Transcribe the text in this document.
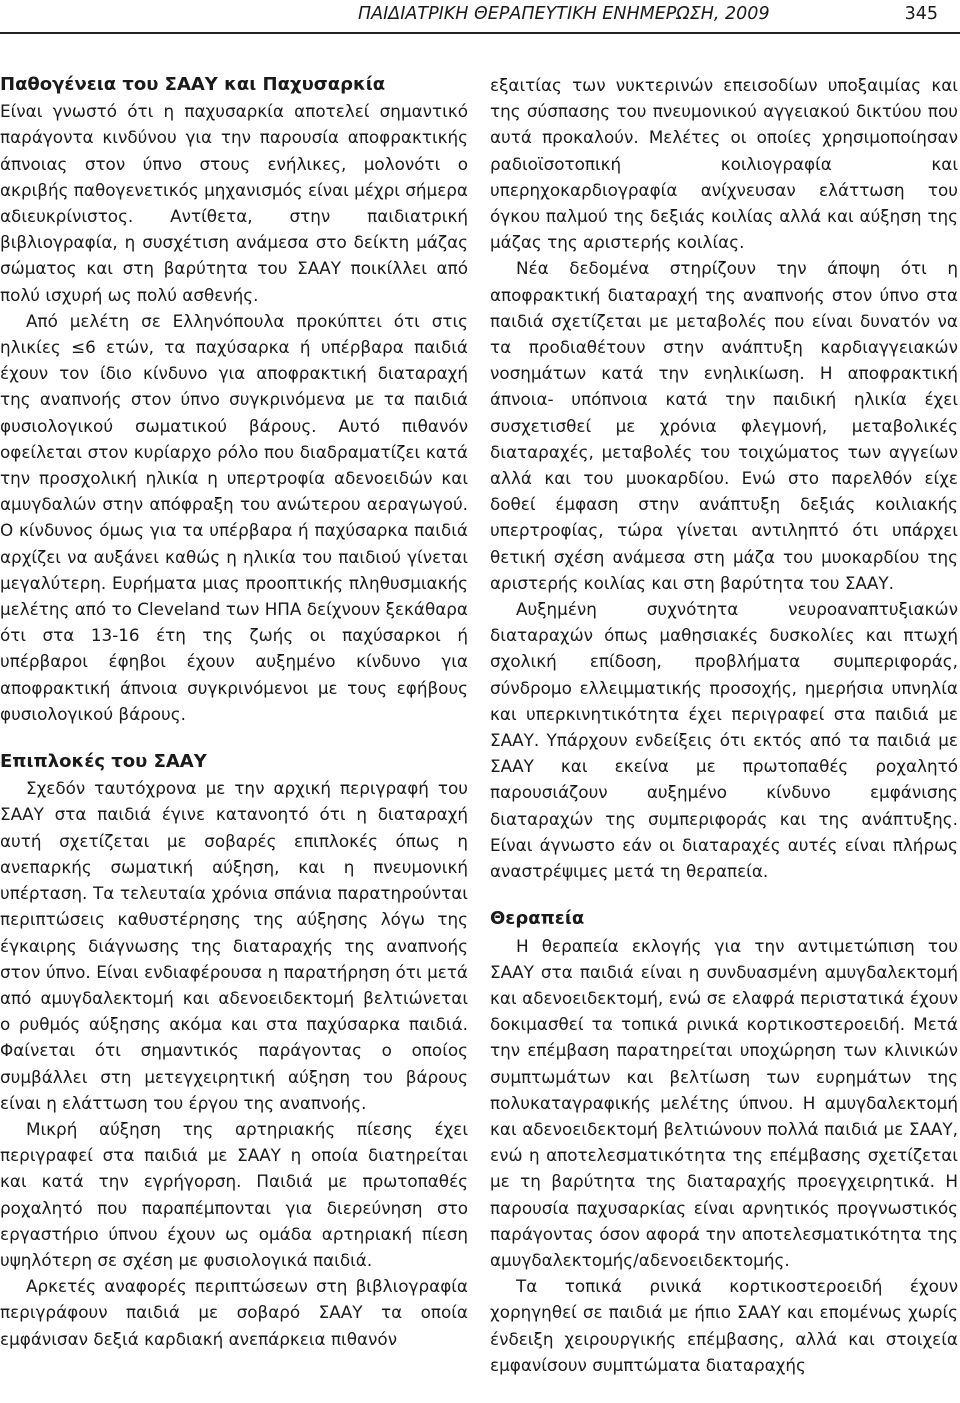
ΠΑΙΔΙΑΤΡΙΚΗ ΘΕΡΑΠΕΥΤΙΚΗ ΕΝΗΜΕΡΩΣΗ, 2009	345
Παθογένεια του ΣΑΑΥ και Παχυσαρκία

Είναι γνωστό ότι η παχυσαρκία αποτελεί σημαντικό παράγοντα κινδύνου για την παρουσία αποφρακτικής άπνοιας στον ύπνο στους ενήλικες, μολονότι ο ακριβής παθογενετικός μηχανισμός είναι μέχρι σήμερα αδιευκρίνιστος. Αντίθετα, στην παιδιατρική βιβλιογραφία, η συσχέτιση ανάμεσα στο δείκτη μάζας σώματος και στη βαρύτητα του ΣΑΑΥ ποικίλλει από πολύ ισχυρή ως πολύ ασθενής.

Από μελέτη σε Ελληνόπουλα προκύπτει ότι στις ηλικίες ≤6 ετών, τα παχύσαρκα ή υπέρβαρα παιδιά έχουν τον ίδιο κίνδυνο για αποφρακτική διαταραχή της αναπνοής στον ύπνο συγκρινόμενα με τα παιδιά φυσιολογικού σωματικού βάρους. Αυτό πιθανόν οφείλεται στον κυρίαρχο ρόλο που διαδραματίζει κατά την προσχολική ηλικία η υπερτροφία αδενοειδών και αμυγδαλών στην απόφραξη του ανώτερου αεραγωγού. Ο κίνδυνος όμως για τα υπέρβαρα ή παχύσαρκα παιδιά αρχίζει να αυξάνει καθώς η ηλικία του παιδιού γίνεται μεγαλύτερη. Ευρήματα μιας προοπτικής πληθυσμιακής μελέτης από το Cleveland των ΗΠΑ δείχνουν ξεκάθαρα ότι στα 13-16 έτη της ζωής οι παχύσαρκοι ή υπέρβαροι έφηβοι έχουν αυξημένο κίνδυνο για αποφρακτική άπνοια συγκρινόμενοι με τους εφήβους φυσιολογικού βάρους.

Επιπλοκές του ΣΑΑΥ

Σχεδόν ταυτόχρονα με την αρχική περιγραφή του ΣΑΑΥ στα παιδιά έγινε κατανοητό ότι η διαταραχή αυτή σχετίζεται με σοβαρές επιπλοκές όπως η ανεπαρκής σωματική αύξηση, και η πνευμονική υπέρταση. Τα τελευταία χρόνια σπάνια παρατηρούνται περιπτώσεις καθυστέρησης της αύξησης λόγω της έγκαιρης διάγνωσης της διαταραχής της αναπνοής στον ύπνο. Είναι ενδιαφέρουσα η παρατήρηση ότι μετά από αμυγδαλεκτομή και αδενοειδεκτομή βελτιώνεται ο ρυθμός αύξησης ακόμα και στα παχύσαρκα παιδιά. Φαίνεται ότι σημαντικός παράγοντας ο οποίος συμβάλλει στη μετεγχειρητική αύξηση του βάρους είναι η ελάττωση του έργου της αναπνοής.

Μικρή αύξηση της αρτηριακής πίεσης έχει περιγραφεί στα παιδιά με ΣΑΑΥ η οποία διατηρείται και κατά την εγρήγορση. Παιδιά με πρωτοπαθές ροχαλητό που παραπέμπονται για διερεύνηση στο εργαστήριο ύπνου έχουν ως ομάδα αρτηριακή πίεση υψηλότερη σε σχέση με φυσιολογικά παιδιά.

Αρκετές αναφορές περιπτώσεων στη βιβλιογραφία περιγράφουν παιδιά με σοβαρό ΣΑΑΥ τα οποία εμφάνισαν δεξιά καρδιακή ανεπάρκεια πιθανόν

εξαιτίας των νυκτερινών επεισοδίων υποξαιμίας και της σύσπασης του πνευμονικού αγγειακού δικτύου που αυτά προκαλούν. Μελέτες οι οποίες χρησιμοποίησαν ραδιοϊσοτοπική κοιλιογραφία και υπερηχοκαρδιογραφία ανίχνευσαν ελάττωση του όγκου παλμού της δεξιάς κοιλίας αλλά και αύξηση της μάζας της αριστερής κοιλίας.

Νέα δεδομένα στηρίζουν την άποψη ότι η αποφρακτική διαταραχή της αναπνοής στον ύπνο στα παιδιά σχετίζεται με μεταβολές που είναι δυνατόν να τα προδιαθέτουν στην ανάπτυξη καρδιαγγειακών νοσημάτων κατά την ενηλικίωση. Η αποφρακτική άπνοια- υπόπνοια κατά την παιδική ηλικία έχει συσχετισθεί με χρόνια φλεγμονή, μεταβολικές διαταραχές, μεταβολές του τοιχώματος των αγγείων αλλά και του μυοκαρδίου. Ενώ στο παρελθόν είχε δοθεί έμφαση στην ανάπτυξη δεξιάς κοιλιακής υπερτροφίας, τώρα γίνεται αντιληπτό ότι υπάρχει θετική σχέση ανάμεσα στη μάζα του μυοκαρδίου της αριστερής κοιλίας και στη βαρύτητα του ΣΑΑΥ.

Αυξημένη συχνότητα νευροαναπτυξιακών διαταραχών όπως μαθησιακές δυσκολίες και πτωχή σχολική επίδοση, προβλήματα συμπεριφοράς, σύνδρομο ελλειμματικής προσοχής, ημερήσια υπνηλία και υπερκινητικότητα έχει περιγραφεί στα παιδιά με ΣΑΑΥ. Υπάρχουν ενδείξεις ότι εκτός από τα παιδιά με ΣΑΑΥ και εκείνα με πρωτοπαθές ροχαλητό παρουσιάζουν αυξημένο κίνδυνο εμφάνισης διαταραχών της συμπεριφοράς και της ανάπτυξης. Είναι άγνωστο εάν οι διαταραχές αυτές είναι πλήρως αναστρέψιμες μετά τη θεραπεία.

Θεραπεία

Η θεραπεία εκλογής για την αντιμετώπιση του ΣΑΑΥ στα παιδιά είναι η συνδυασμένη αμυγδαλεκτομή και αδενοειδεκτομή, ενώ σε ελαφρά περιστατικά έχουν δοκιμασθεί τα τοπικά ρινικά κορτικοστεροειδή. Μετά την επέμβαση παρατηρείται υποχώρηση των κλινικών συμπτωμάτων και βελτίωση των ευρημάτων της πολυκαταγραφικής μελέτης ύπνου. Η αμυγδαλεκτομή και αδενοειδεκτομή βελτιώνουν πολλά παιδιά με ΣΑΑΥ, ενώ η αποτελεσματικότητα της επέμβασης σχετίζεται με τη βαρύτητα της διαταραχής προεγχειρητικά. Η παρουσία παχυσαρκίας είναι αρνητικός προγνωστικός παράγοντας όσον αφορά την αποτελεσματικότητα της αμυγδαλεκτομής/αδενοειδεκτομής.

Τα τοπικά ρινικά κορτικοστεροειδή έχουν χορηγηθεί σε παιδιά με ήπιο ΣΑΑΥ και επομένως χωρίς ένδειξη χειρουργικής επέμβασης, αλλά και στοιχεία εμφανίσουν συμπτώματα διαταραχής
